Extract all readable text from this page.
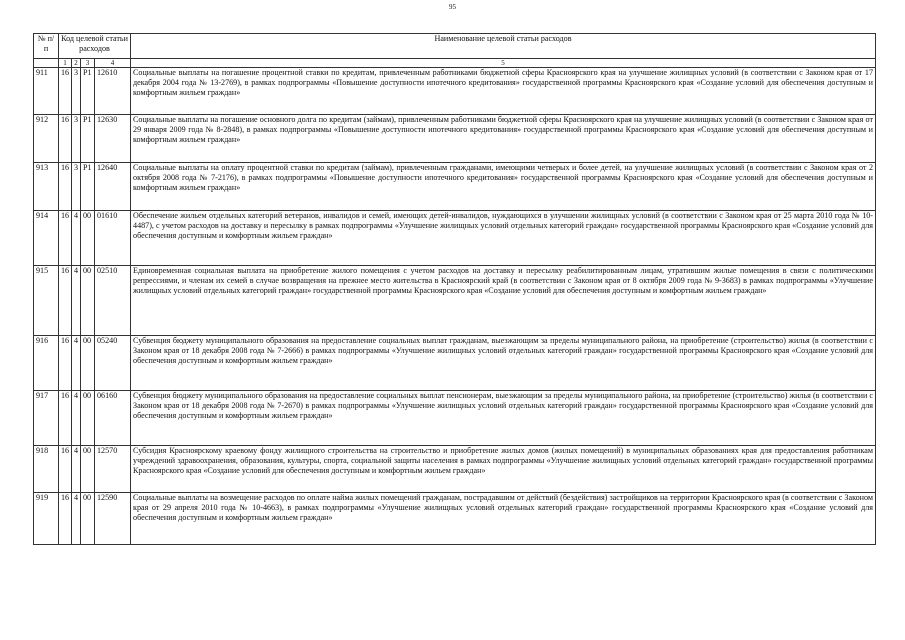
95
№ п/п	Код целевой статьи расходов				Наименование целевой статьи расходов
	1	2	3	4	5
911	16	3	Р1	12610	Социальные выплаты на погашение процентной ставки по кредитам, привлеченным работниками бюджетной сферы Красноярского края на улучшение жилищных условий (в соответствии с Законом края от 17 декабря 2004 года № 13-2769), в рамках подпрограммы «Повышение доступности ипотечного кредитования» государственной программы Красноярского края «Создание условий для обеспечения доступным и комфортным жильем граждан»
912	16	3	Р1	12630	Социальные выплаты на погашение основного долга по кредитам (займам), привлеченным работниками бюджетной сферы Красноярского края на улучшение жилищных условий (в соответствии с Законом края от 29 января 2009 года № 8-2848), в рамках подпрограммы «Повышение доступности ипотечного кредитования» государственной программы Красноярского края «Создание условий для обеспечения доступным и комфортным жильем граждан»
913	16	3	Р1	12640	Социальные выплаты на оплату процентной ставки по кредитам (займам), привлеченным гражданами, имеющими четверых и более детей, на улучшение жилищных условий (в соответствии с Законом края от 2 октября 2008 года № 7-2176), в рамках подпрограммы «Повышение доступности ипотечного кредитования» государственной программы Красноярского края «Создание условий для обеспечения доступным и комфортным жильем граждан»
914	16	4	00	01610	Обеспечение жильем отдельных категорий ветеранов, инвалидов и семей, имеющих детей-инвалидов, нуждающихся в улучшении жилищных условий (в соответствии с Законом края от 25 марта 2010 года № 10-4487), с учетом расходов на доставку и пересылку в рамках подпрограммы «Улучшение жилищных условий отдельных категорий граждан» государственной программы Красноярского края «Создание условий для обеспечения доступным и комфортным жильем граждан»
915	16	4	00	02510	Единовременная социальная выплата на приобретение жилого помещения с учетом расходов на доставку и пересылку реабилитированным лицам, утратившим жилые помещения в связи с политическими репрессиями, и членам их семей в случае возвращения на прежнее место жительства в Красноярский край (в соответствии с Законом края от 8 октября 2009 года № 9-3683) в рамках подпрограммы «Улучшение жилищных условий отдельных категорий граждан» государственной программы Красноярского края «Создание условий для обеспечения доступным и комфортным жильем граждан»
916	16	4	00	05240	Субвенция бюджету муниципального образования на предоставление социальных выплат гражданам, выезжающим за пределы муниципального района, на приобретение (строительство) жилья (в соответствии с Законом края от 18 декабря 2008 года № 7-2666) в рамках подпрограммы «Улучшение жилищных условий отдельных категорий граждан» государственной программы Красноярского края «Создание условий для обеспечения доступным и комфортным жильем граждан»
917	16	4	00	06160	Субвенция бюджету муниципального образования на предоставление социальных выплат пенсионерам, выезжающим за пределы муниципального района, на приобретение (строительство) жилья (в соответствии с Законом края от 18 декабря 2008 года № 7-2670) в рамках подпрограммы «Улучшение жилищных условий отдельных категорий граждан» государственной программы Красноярского края «Создание условий для обеспечения доступным и комфортным жильем граждан»
918	16	4	00	12570	Субсидия Красноярскому краевому фонду жилищного строительства на строительство и приобретение жилых домов (жилых помещений) в муниципальных образованиях края для предоставления работникам учреждений здравоохранения, образования, культуры, спорта, социальной защиты населения в рамках подпрограммы «Улучшение жилищных условий отдельных категорий граждан» государственной программы Красноярского края «Создание условий для обеспечения доступным и комфортным жильем граждан»
919	16	4	00	12590	Социальные выплаты на возмещение расходов по оплате найма жилых помещений гражданам, пострадавшим от действий (бездействия) застройщиков на территории Красноярского края (в соответствии с Законом края от 29 апреля 2010 года № 10-4663), в рамках подпрограммы «Улучшение жилищных условий отдельных категорий граждан» государственной программы Красноярского края «Создание условий для обеспечения доступным и комфортным жильем граждан»
